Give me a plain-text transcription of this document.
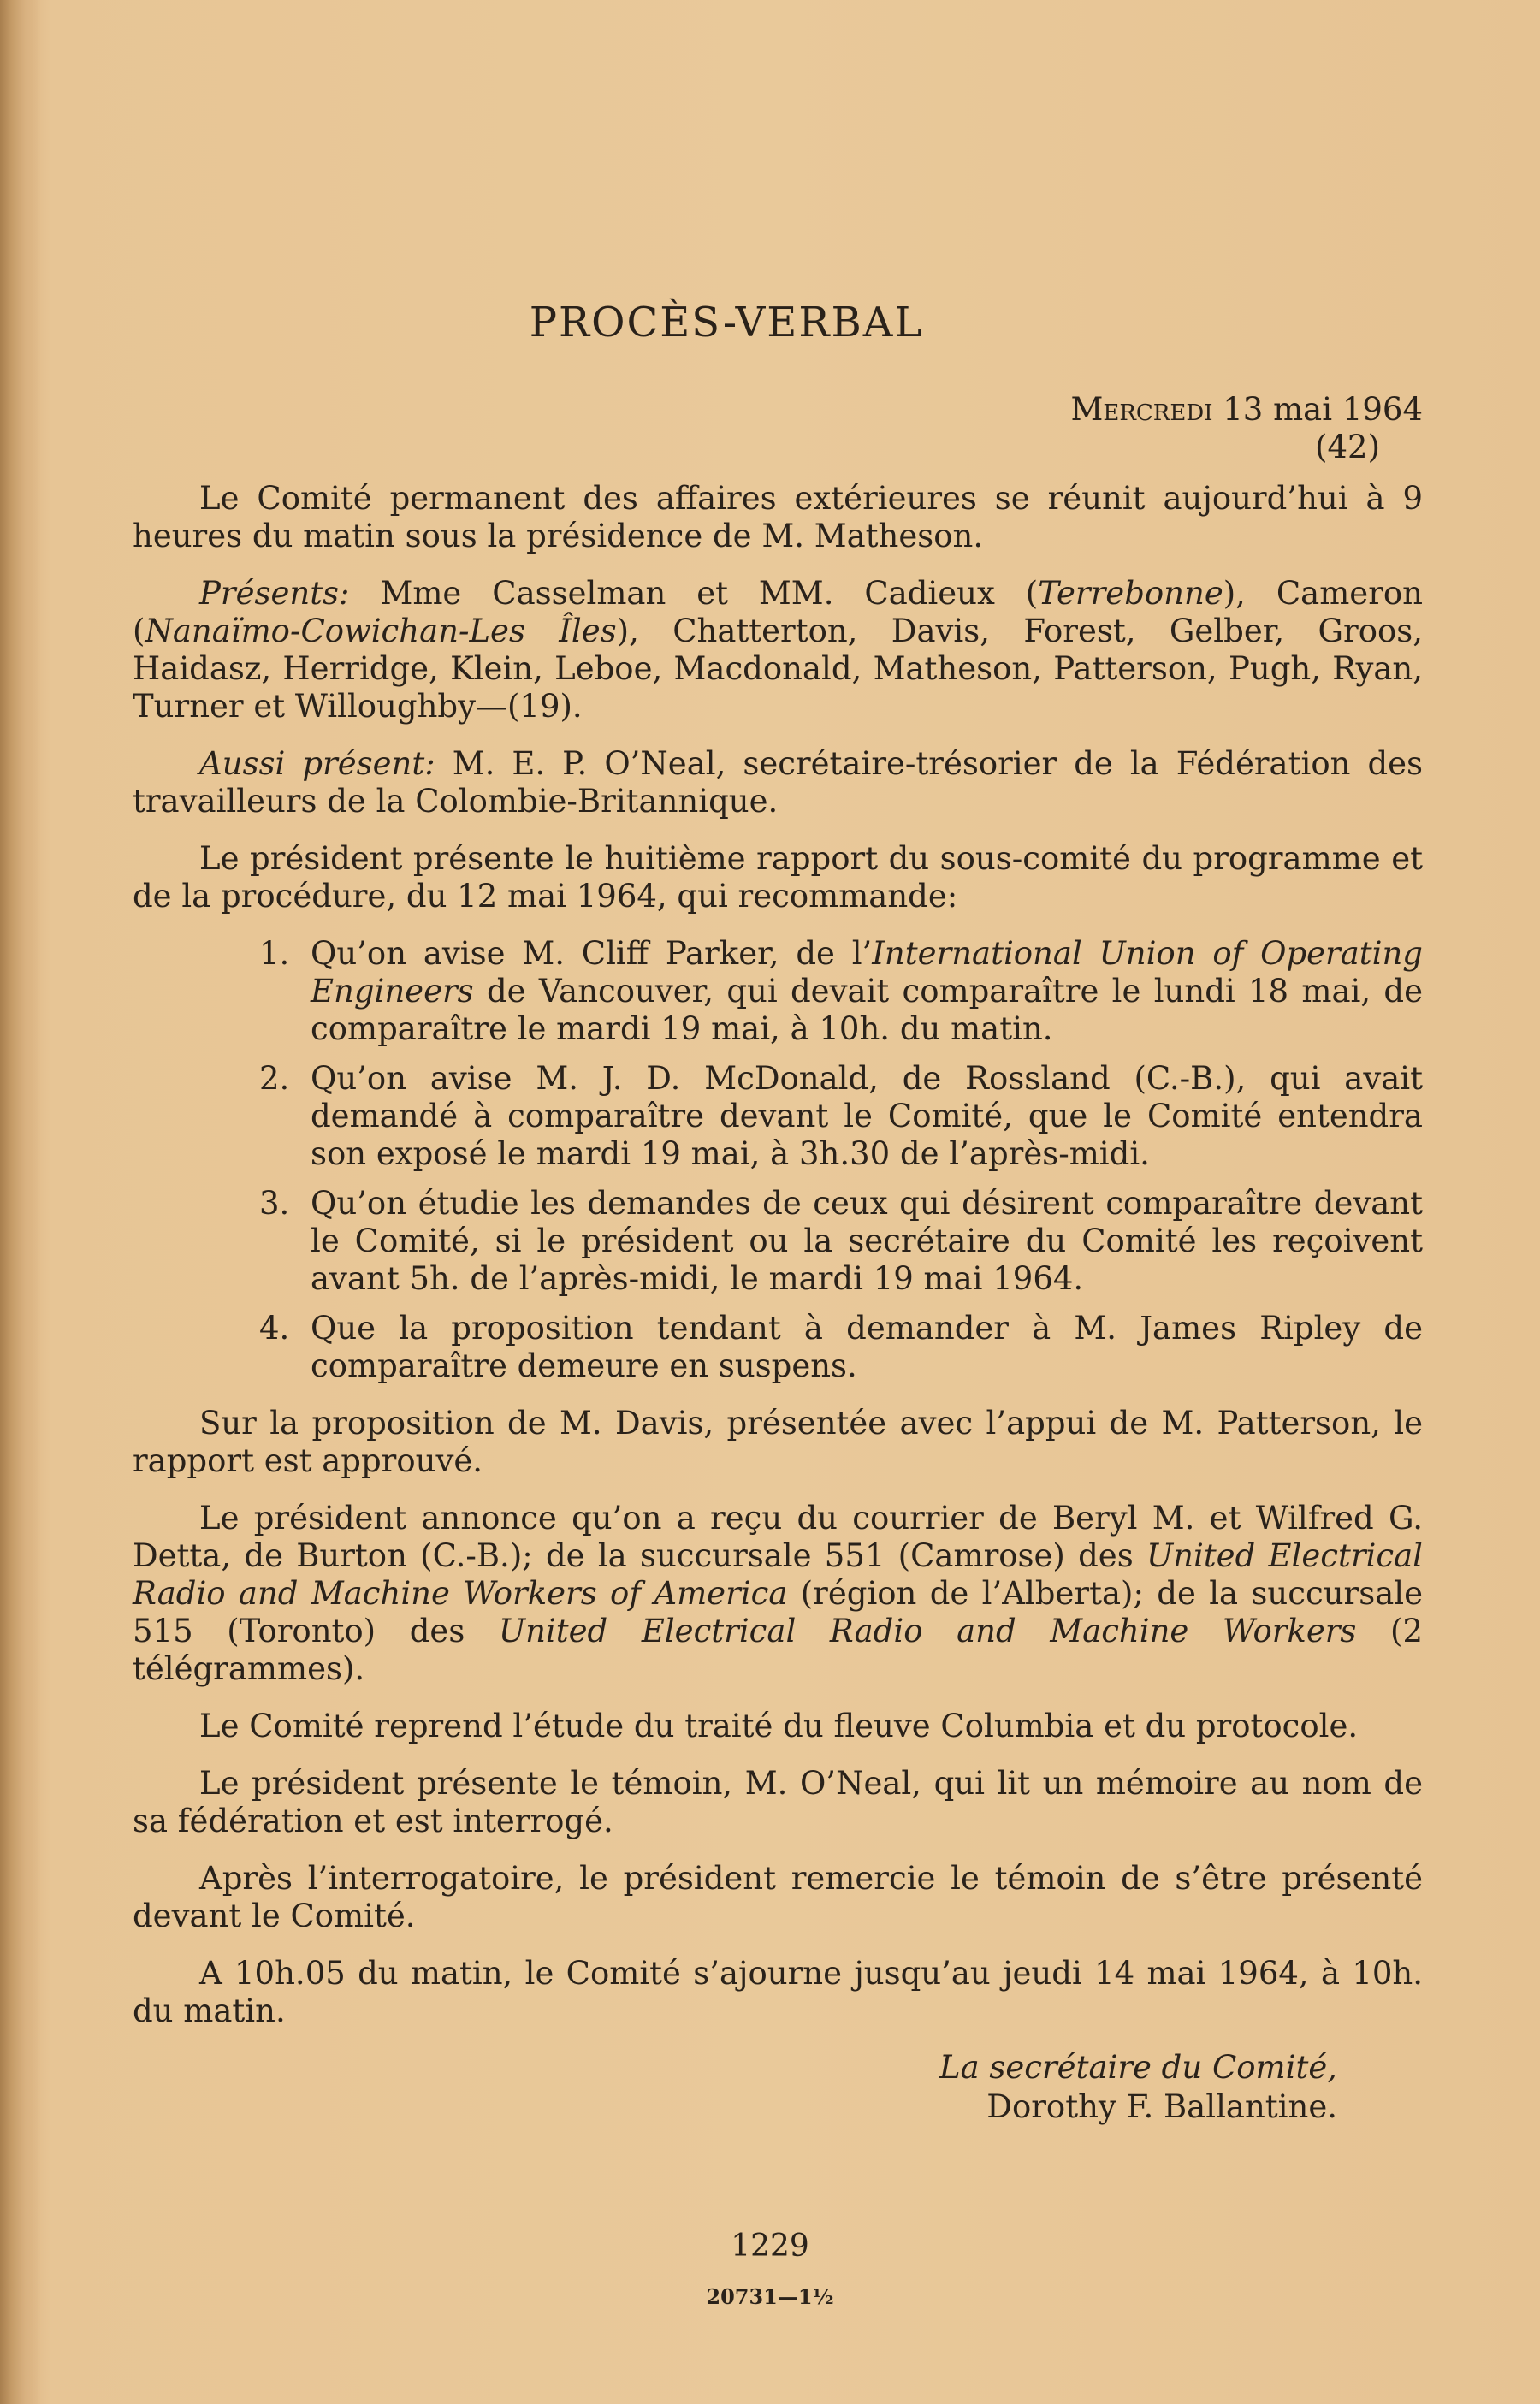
PROCÈS-VERBAL
Mercredi 13 mai 1964
(42)

Le Comité permanent des affaires extérieures se réunit aujourd’hui à 9 heures du matin sous la présidence de M. Matheson.

Présents: Mme Casselman et MM. Cadieux (Terrebonne), Cameron (Nanaïmo-Cowichan-Les Îles), Chatterton, Davis, Forest, Gelber, Groos, Haidasz, Herridge, Klein, Leboe, Macdonald, Matheson, Patterson, Pugh, Ryan, Turner et Willoughby—(19).

Aussi présent: M. E. P. O’Neal, secrétaire-trésorier de la Fédération des travailleurs de la Colombie-Britannique.

Le président présente le huitième rapport du sous-comité du programme et de la procédure, du 12 mai 1964, qui recommande:

1. Qu’on avise M. Cliff Parker, de l’International Union of Operating Engineers de Vancouver, qui devait comparaître le lundi 18 mai, de comparaître le mardi 19 mai, à 10h. du matin.
2. Qu’on avise M. J. D. McDonald, de Rossland (C.-B.), qui avait demandé à comparaître devant le Comité, que le Comité entendra son exposé le mardi 19 mai, à 3h.30 de l’après-midi.
3. Qu’on étudie les demandes de ceux qui désirent comparaître devant le Comité, si le président ou la secrétaire du Comité les reçoivent avant 5h. de l’après-midi, le mardi 19 mai 1964.
4. Que la proposition tendant à demander à M. James Ripley de comparaître demeure en suspens.

Sur la proposition de M. Davis, présentée avec l’appui de M. Patterson, le rapport est approuvé.

Le président annonce qu’on a reçu du courrier de Beryl M. et Wilfred G. Detta, de Burton (C.-B.); de la succursale 551 (Camrose) des United Electrical Radio and Machine Workers of America (région de l’Alberta); de la succursale 515 (Toronto) des United Electrical Radio and Machine Workers (2 télégrammes).

Le Comité reprend l’étude du traité du fleuve Columbia et du protocole.

Le président présente le témoin, M. O’Neal, qui lit un mémoire au nom de sa fédération et est interrogé.

Après l’interrogatoire, le président remercie le témoin de s’être présenté devant le Comité.

A 10h.05 du matin, le Comité s’ajourne jusqu’au jeudi 14 mai 1964, à 10h. du matin.

La secrétaire du Comité,
Dorothy F. Ballantine.
1229
20731—1½
